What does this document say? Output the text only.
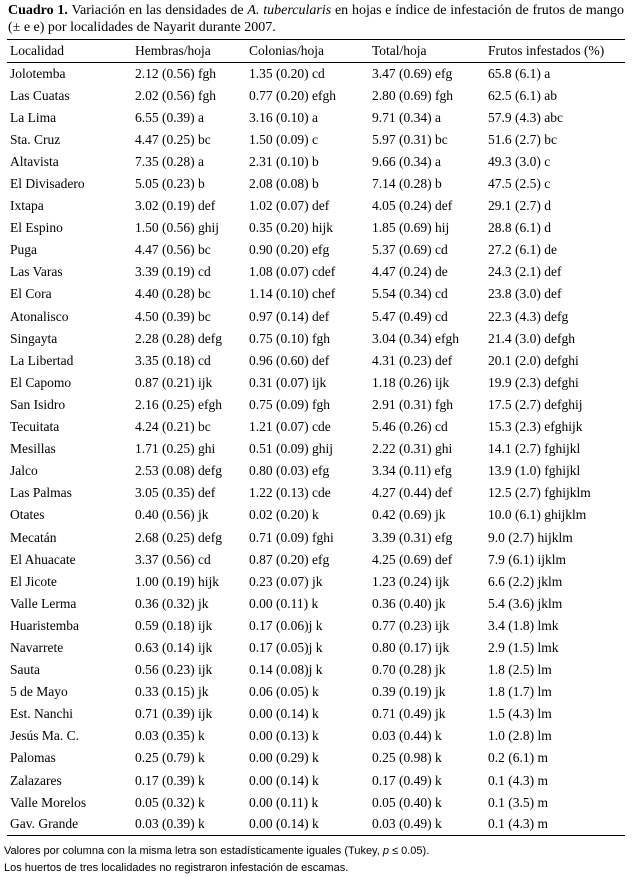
Cuadro 1. Variación en las densidades de A. tubercularis en hojas e índice de infestación de frutos de mango (± e e) por localidades de Nayarit durante 2007.
Localidad	Hembras/hoja	Colonias/hoja	Total/hoja	Frutos infestados (%)
Jolotemba	2.12 (0.56) fgh	1.35 (0.20) cd	3.47 (0.69) efg	65.8 (6.1) a
Las Cuatas	2.02 (0.56) fgh	0.77 (0.20) efgh	2.80 (0.69) fgh	62.5 (6.1) ab
La Lima	6.55 (0.39) a	3.16 (0.10) a	9.71 (0.34) a	57.9 (4.3) abc
Sta. Cruz	4.47 (0.25) bc	1.50 (0.09) c	5.97 (0.31) bc	51.6 (2.7) bc
Altavista	7.35 (0.28) a	2.31 (0.10) b	9.66 (0.34) a	49.3 (3.0) c
El Divisadero	5.05 (0.23) b	2.08 (0.08) b	7.14 (0.28) b	47.5 (2.5) c
Ixtapa	3.02 (0.19) def	1.02 (0.07) def	4.05 (0.24) def	29.1 (2.7) d
El Espino	1.50 (0.56) ghij	0.35 (0.20) hijk	1.85 (0.69) hij	28.8 (6.1) d
Puga	4.47 (0.56) bc	0.90 (0.20) efg	5.37 (0.69) cd	27.2 (6.1) de
Las Varas	3.39 (0.19) cd	1.08 (0.07) cdef	4.47 (0.24) de	24.3 (2.1) def
El Cora	4.40 (0.28) bc	1.14 (0.10) chef	5.54 (0.34) cd	23.8 (3.0) def
Atonalisco	4.50 (0.39) bc	0.97 (0.14) def	5.47 (0.49) cd	22.3 (4.3) defg
Singayta	2.28 (0.28) defg	0.75 (0.10) fgh	3.04 (0.34) efgh	21.4 (3.0) defgh
La Libertad	3.35 (0.18) cd	0.96 (0.60) def	4.31 (0.23) def	20.1 (2.0) defghi
El Capomo	0.87 (0.21) ijk	0.31 (0.07) ijk	1.18 (0.26) ijk	19.9 (2.3) defghi
San Isidro	2.16 (0.25) efgh	0.75 (0.09) fgh	2.91 (0.31) fgh	17.5 (2.7) defghij
Tecuitata	4.24 (0.21) bc	1.21 (0.07) cde	5.46 (0.26) cd	15.3 (2.3) efghijk
Mesillas	1.71 (0.25) ghi	0.51 (0.09) ghij	2.22 (0.31) ghi	14.1 (2.7) fghijkl
Jalco	2.53 (0.08) defg	0.80 (0.03) efg	3.34 (0.11) efg	13.9 (1.0) fghijkl
Las Palmas	3.05 (0.35) def	1.22 (0.13) cde	4.27 (0.44) def	12.5 (2.7) fghijklm
Otates	0.40 (0.56) jk	0.02 (0.20) k	0.42 (0.69) jk	10.0 (6.1) ghijklm
Mecatán	2.68 (0.25) defg	0.71 (0.09) fghi	3.39 (0.31) efg	9.0 (2.7) hijklm
El Ahuacate	3.37 (0.56) cd	0.87 (0.20) efg	4.25 (0.69) def	7.9 (6.1) ijklm
El Jicote	1.00 (0.19) hijk	0.23 (0.07) jk	1.23 (0.24) ijk	6.6 (2.2) jklm
Valle Lerma	0.36 (0.32) jk	0.00 (0.11) k	0.36 (0.40) jk	5.4 (3.6) jklm
Huaristemba	0.59 (0.18) ijk	0.17 (0.06)j k	0.77 (0.23) ijk	3.4 (1.8) lmk
Navarrete	0.63 (0.14) ijk	0.17 (0.05)j k	0.80 (0.17) ijk	2.9 (1.5) lmk
Sauta	0.56 (0.23) ijk	0.14 (0.08)j k	0.70 (0.28) jk	1.8 (2.5) lm
5 de Mayo	0.33 (0.15) jk	0.06 (0.05) k	0.39 (0.19) jk	1.8 (1.7) lm
Est. Nanchi	0.71 (0.39) ijk	0.00 (0.14) k	0.71 (0.49) jk	1.5 (4.3) lm
Jesús Ma. C.	0.03 (0.35) k	0.00 (0.13) k	0.03 (0.44) k	1.0 (2.8) lm
Palomas	0.25 (0.79) k	0.00 (0.29) k	0.25 (0.98) k	0.2 (6.1) m
Zalazares	0.17 (0.39) k	0.00 (0.14) k	0.17 (0.49) k	0.1 (4.3) m
Valle Morelos	0.05 (0.32) k	0.00 (0.11) k	0.05 (0.40) k	0.1 (3.5) m
Gav. Grande	0.03 (0.39) k	0.00 (0.14) k	0.03 (0.49) k	0.1 (4.3) m
Valores por columna con la misma letra son estadísticamente iguales (Tukey, p ≤ 0.05).
Los huertos de tres localidades no registraron infestación de escamas.
